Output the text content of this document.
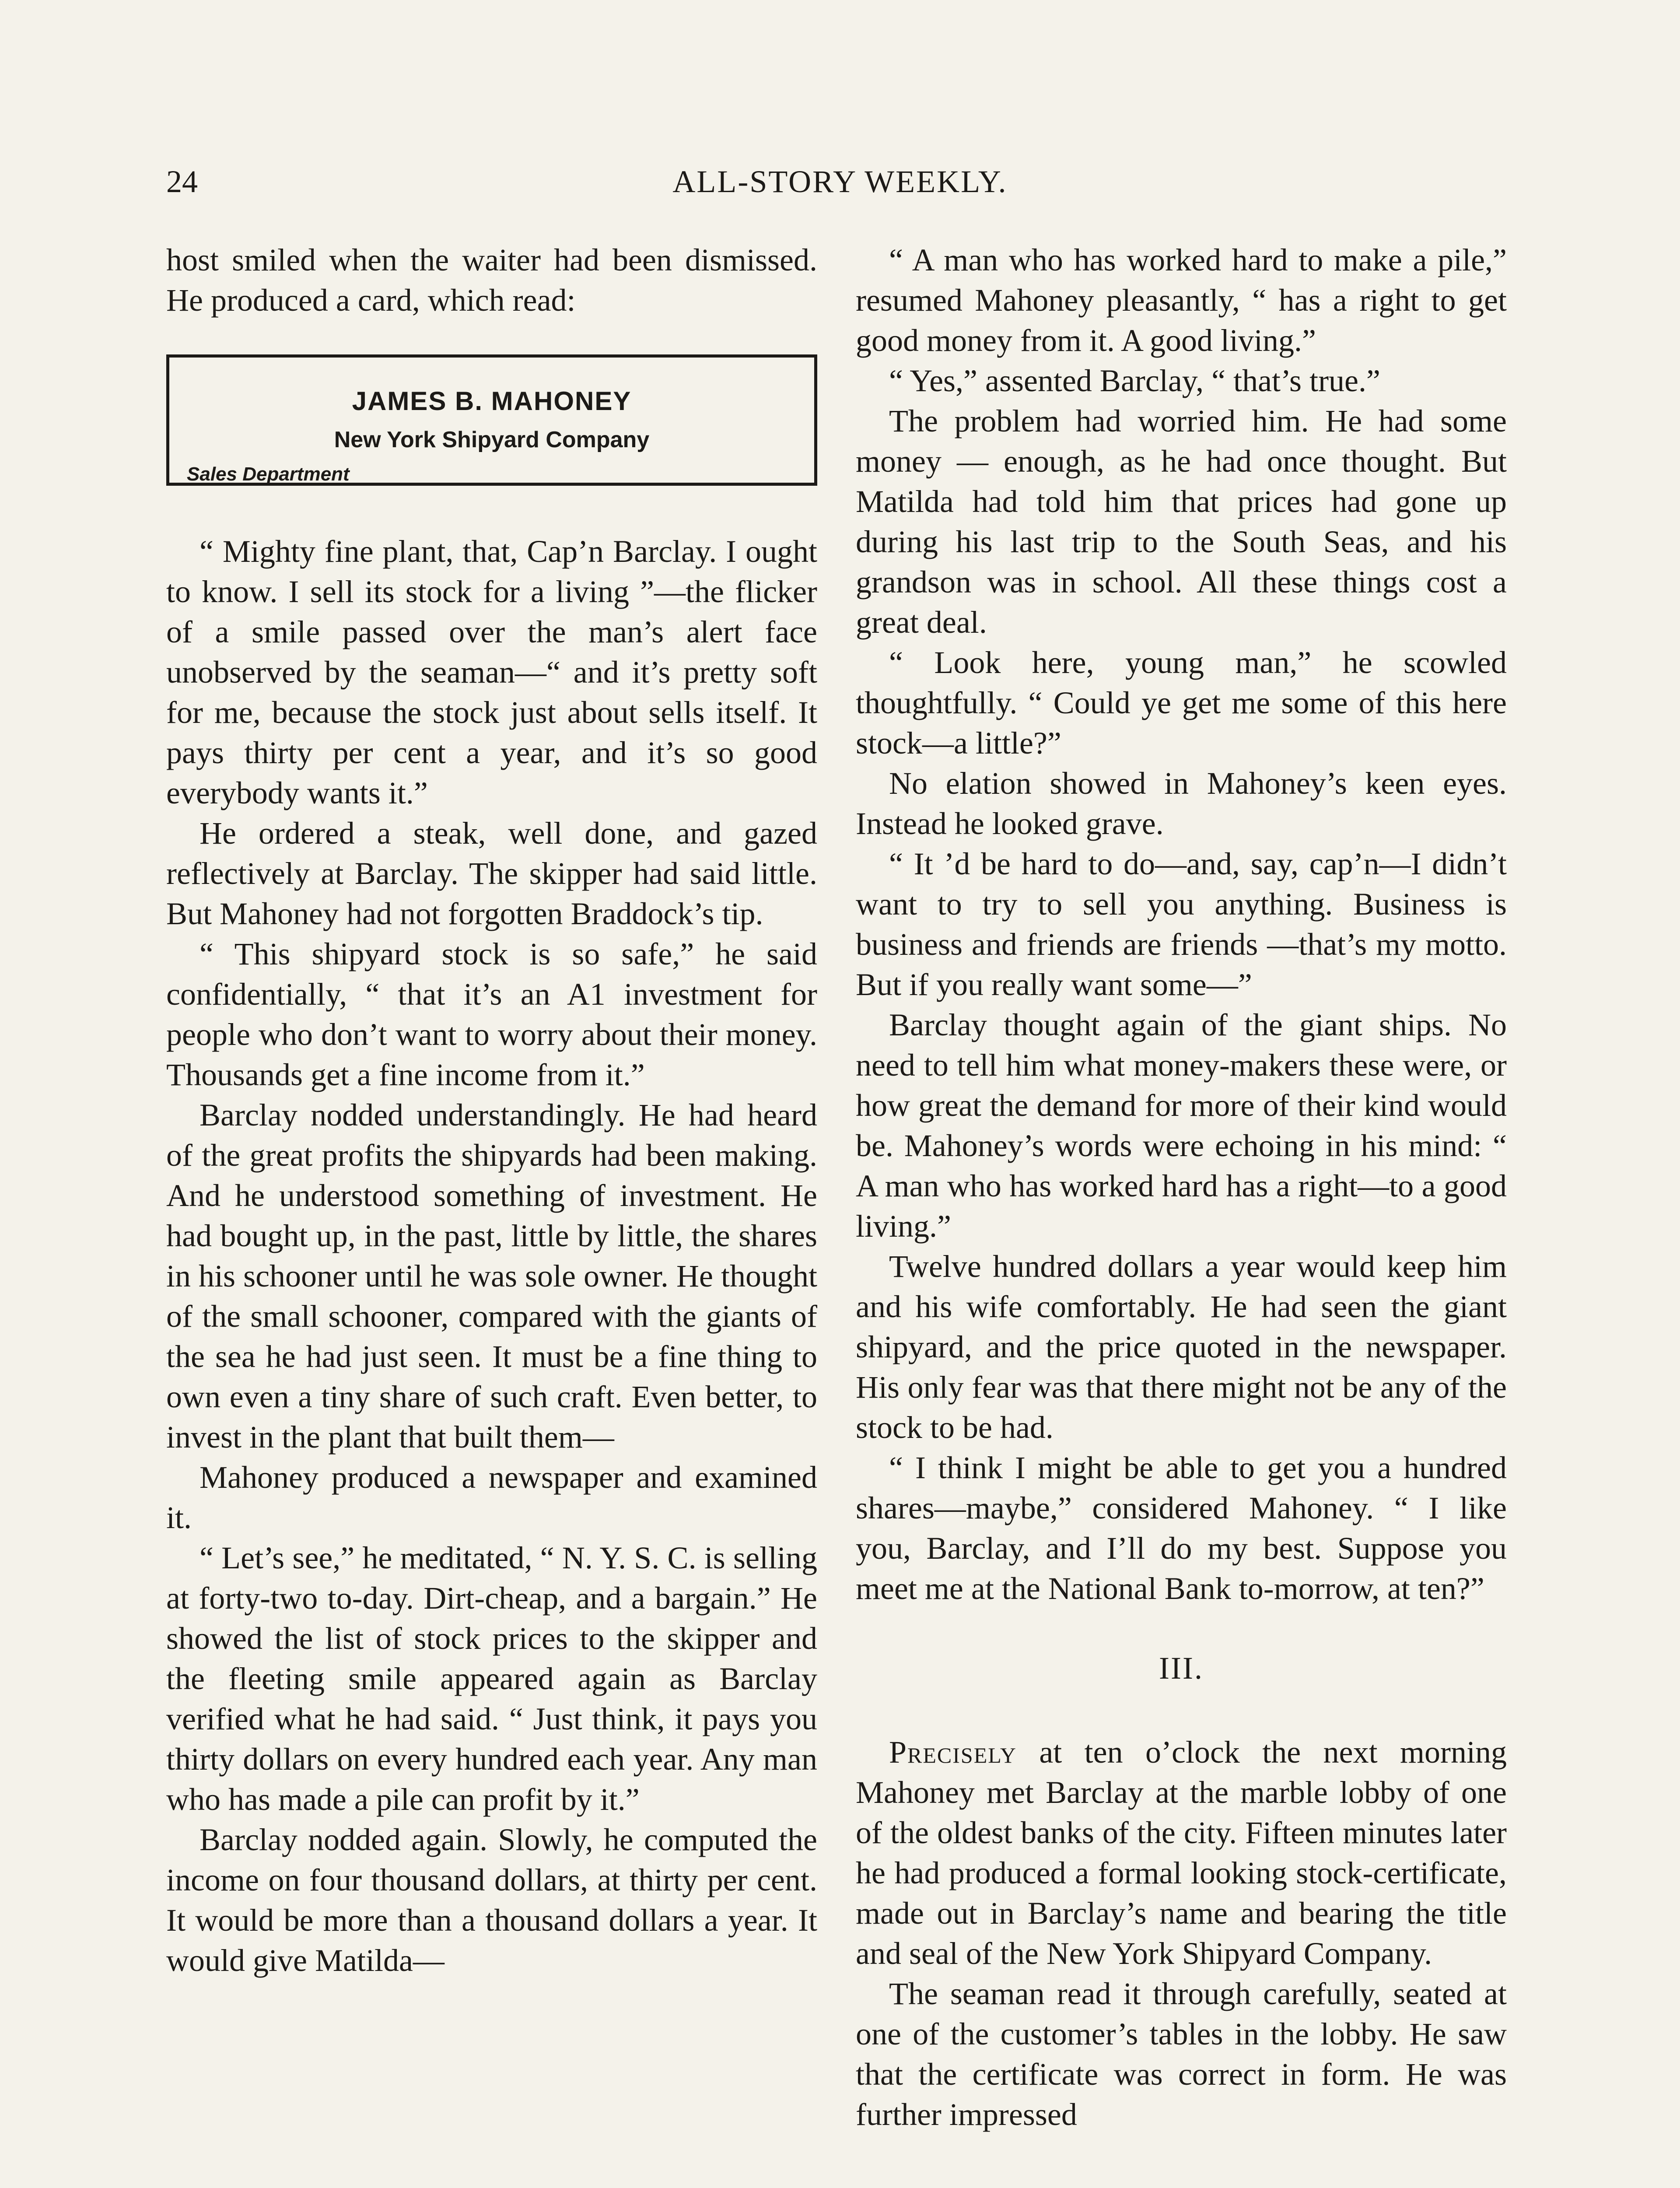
24	ALL-STORY WEEKLY.

host smiled when the waiter had been dismissed. He produced a card, which read:

JAMES B. MAHONEY
New York Shipyard Company
Sales Department

“ Mighty fine plant, that, Cap’n Barclay. I ought to know. I sell its stock for a living ”—the flicker of a smile passed over the man’s alert face unobserved by the seaman—“ and it’s pretty soft for me, because the stock just about sells itself. It pays thirty per cent a year, and it’s so good everybody wants it.”

He ordered a steak, well done, and gazed reflectively at Barclay. The skipper had said little. But Mahoney had not forgotten Braddock’s tip.

“ This shipyard stock is so safe,” he said confidentially, “ that it’s an A1 investment for people who don’t want to worry about their money. Thousands get a fine income from it.”

Barclay nodded understandingly. He had heard of the great profits the shipyards had been making. And he understood something of investment. He had bought up, in the past, little by little, the shares in his schooner until he was sole owner. He thought of the small schooner, compared with the giants of the sea he had just seen. It must be a fine thing to own even a tiny share of such craft. Even better, to invest in the plant that built them—

Mahoney produced a newspaper and examined it.

“ Let’s see,” he meditated, “ N. Y. S. C. is selling at forty-two to-day. Dirt-cheap, and a bargain.” He showed the list of stock prices to the skipper and the fleeting smile appeared again as Barclay verified what he had said. “ Just think, it pays you thirty dollars on every hundred each year. Any man who has made a pile can profit by it.”

Barclay nodded again. Slowly, he computed the income on four thousand dollars, at thirty per cent. It would be more than a thousand dollars a year. It would give Matilda—

“ A man who has worked hard to make a pile,” resumed Mahoney pleasantly, “ has a right to get good money from it. A good living.”

“ Yes,” assented Barclay, “ that’s true.”

The problem had worried him. He had some money — enough, as he had once thought. But Matilda had told him that prices had gone up during his last trip to the South Seas, and his grandson was in school. All these things cost a great deal.

“ Look here, young man,” he scowled thoughtfully. “ Could ye get me some of this here stock—a little?”

No elation showed in Mahoney’s keen eyes. Instead he looked grave.

“ It ’d be hard to do—and, say, cap’n—I didn’t want to try to sell you anything. Business is business and friends are friends —that’s my motto. But if you really want some—”

Barclay thought again of the giant ships. No need to tell him what money-makers these were, or how great the demand for more of their kind would be. Mahoney’s words were echoing in his mind: “ A man who has worked hard has a right—to a good living.”

Twelve hundred dollars a year would keep him and his wife comfortably. He had seen the giant shipyard, and the price quoted in the newspaper. His only fear was that there might not be any of the stock to be had.

“ I think I might be able to get you a hundred shares—maybe,” considered Mahoney. “ I like you, Barclay, and I’ll do my best. Suppose you meet me at the National Bank to-morrow, at ten?”

III.

Precisely at ten o’clock the next morning Mahoney met Barclay at the marble lobby of one of the oldest banks of the city. Fifteen minutes later he had produced a formal looking stock-certificate, made out in Barclay’s name and bearing the title and seal of the New York Shipyard Company.

The seaman read it through carefully, seated at one of the customer’s tables in the lobby. He saw that the certificate was correct in form. He was further impressed
